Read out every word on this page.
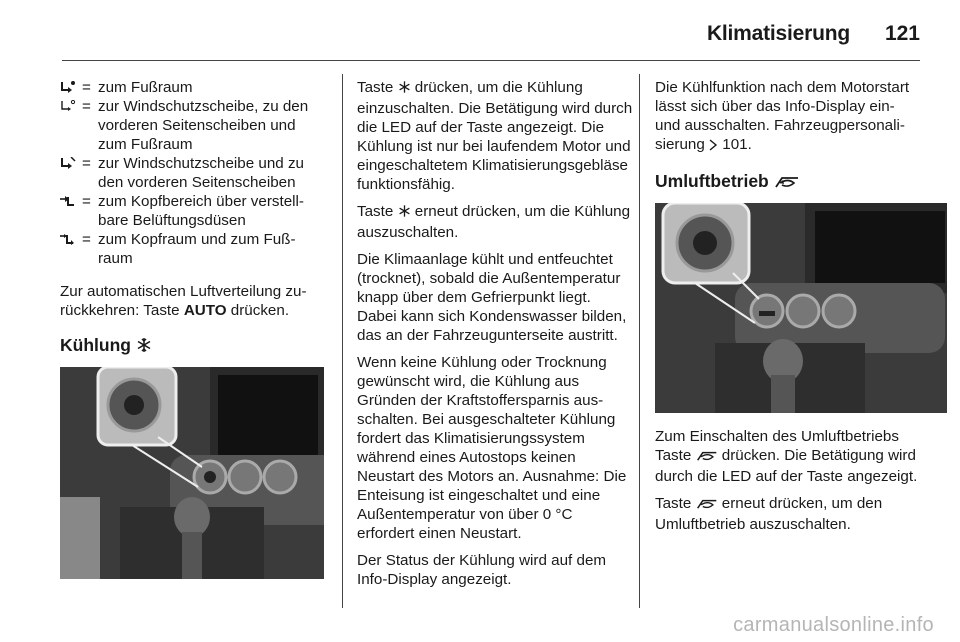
Klimatisierung	121
	=	zum Fußraum

	=	zur Windschutzscheibe, zu den vorderen Seitenscheiben und zum Fußraum

	=	zur Windschutzscheibe und zu den vorderen Seitenscheiben

	=	zum Kopfbereich über verstellbare Belüftungsdüsen

	=	zum Kopfraum und zum Fußraum

Zur automatischen Luftverteilung zurückkehren: Taste AUTO drücken.

Kühlung

Taste  drücken, um die Kühlung einzuschalten. Die Betätigung wird durch die LED auf der Taste angezeigt. Die Kühlung ist nur bei laufendem Motor und eingeschaltetem Klimatisierungsgebläse funktionsfähig.

Taste  erneut drücken, um die Kühlung auszuschalten.

Die Klimaanlage kühlt und entfeuchtet (trocknet), sobald die Außentemperatur knapp über dem Gefrierpunkt liegt. Dabei kann sich Kondenswasser bilden, das an der Fahrzeugunterseite austritt.

Wenn keine Kühlung oder Trocknung gewünscht wird, die Kühlung aus Gründen der Kraftstoffersparnis ausschalten. Bei ausgeschalteter Kühlung fordert das Klimatisierungssystem während eines Autostops keinen Neustart des Motors an. Ausnahme: Die Enteisung ist eingeschaltet und eine Außentemperatur von über 0 °C erfordert einen Neustart.

Der Status der Kühlung wird auf dem Info-Display angezeigt.

Die Kühlfunktion nach dem Motorstart lässt sich über das Info-Display ein- und ausschalten. Fahrzeugpersonalisierung  101.

Umluftbetrieb

Zum Einschalten des Umluftbetriebs Taste  drücken. Die Betätigung wird durch die LED auf der Taste angezeigt.

Taste  erneut drücken, um den Umluftbetrieb auszuschalten.

carmanualsonline.info
